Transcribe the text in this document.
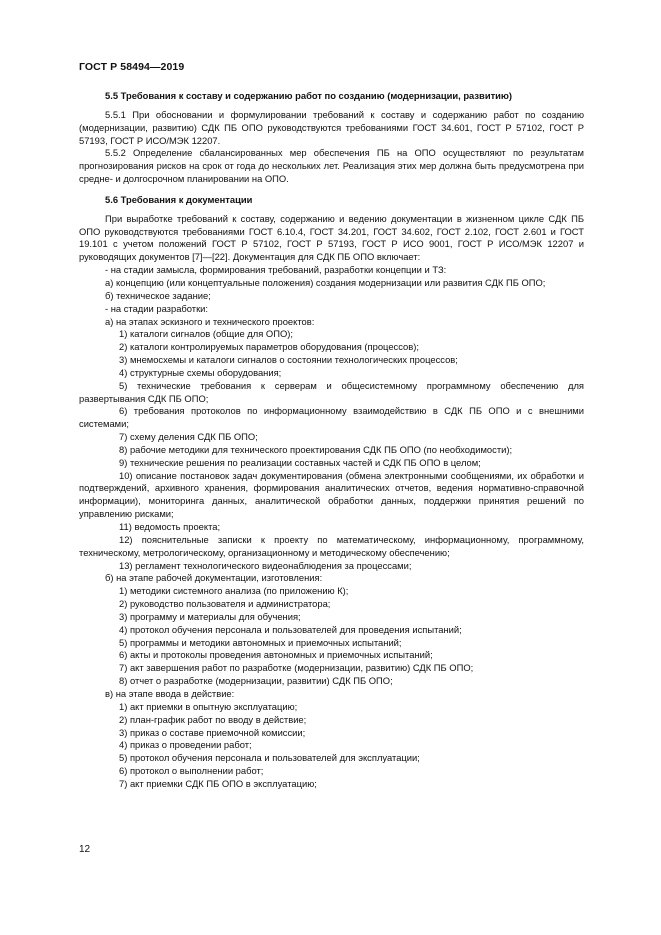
ГОСТ Р 58494—2019
5.5 Требования к составу и содержанию работ по созданию (модернизации, развитию)
5.5.1 При обосновании и формулировании требований к составу и содержанию работ по созданию (модернизации, развитию) СДК ПБ ОПО руководствуются требованиями ГОСТ 34.601, ГОСТ Р 57102, ГОСТ Р 57193, ГОСТ Р ИСО/МЭК 12207.
5.5.2 Определение сбалансированных мер обеспечения ПБ на ОПО осуществляют по результатам прогнозирования рисков на срок от года до нескольких лет. Реализация этих мер должна быть предусмотрена при средне- и долгосрочном планировании на ОПО.
5.6 Требования к документации
При выработке требований к составу, содержанию и ведению документации в жизненном цикле СДК ПБ ОПО руководствуются требованиями ГОСТ 6.10.4, ГОСТ 34.201, ГОСТ 34.602, ГОСТ 2.102, ГОСТ 2.601 и ГОСТ 19.101 с учетом положений ГОСТ Р 57102, ГОСТ Р 57193, ГОСТ Р ИСО 9001, ГОСТ Р ИСО/МЭК 12207 и руководящих документов [7]—[22]. Документация для СДК ПБ ОПО включает:
- на стадии замысла, формирования требований, разработки концепции и ТЗ:
а) концепцию (или концептуальные положения) создания модернизации или развития СДК ПБ ОПО;
б) техническое задание;
- на стадии разработки:
а) на этапах эскизного и технического проектов:
1) каталоги сигналов (общие для ОПО);
2) каталоги контролируемых параметров оборудования (процессов);
3) мнемосхемы и каталоги сигналов о состоянии технологических процессов;
4) структурные схемы оборудования;
5) технические требования к серверам и общесистемному программному обеспечению для развертывания СДК ПБ ОПО;
6) требования протоколов по информационному взаимодействию в СДК ПБ ОПО и с внешними системами;
7) схему деления СДК ПБ ОПО;
8) рабочие методики для технического проектирования СДК ПБ ОПО (по необходимости);
9) технические решения по реализации составных частей и СДК ПБ ОПО в целом;
10) описание постановок задач документирования (обмена электронными сообщениями, их обработки и подтверждений, архивного хранения, формирования аналитических отчетов, ведения нормативно-справочной информации), мониторинга данных, аналитической обработки данных, поддержки принятия решений по управлению рисками;
11) ведомость проекта;
12) пояснительные записки к проекту по математическому, информационному, программному, техническому, метрологическому, организационному и методическому обеспечению;
13) регламент технологического видеонаблюдения за процессами;
б) на этапе рабочей документации, изготовления:
1) методики системного анализа (по приложению К);
2) руководство пользователя и администратора;
3) программу и материалы для обучения;
4) протокол обучения персонала и пользователей для проведения испытаний;
5) программы и методики автономных и приемочных испытаний;
6) акты и протоколы проведения автономных и приемочных испытаний;
7) акт завершения работ по разработке (модернизации, развитию) СДК ПБ ОПО;
8) отчет о разработке (модернизации, развитии) СДК ПБ ОПО;
в) на этапе ввода в действие:
1) акт приемки в опытную эксплуатацию;
2) план-график работ по вводу в действие;
3) приказ о составе приемочной комиссии;
4) приказ о проведении работ;
5) протокол обучения персонала и пользователей для эксплуатации;
6) протокол о выполнении работ;
7) акт приемки СДК ПБ ОПО в эксплуатацию;
12
